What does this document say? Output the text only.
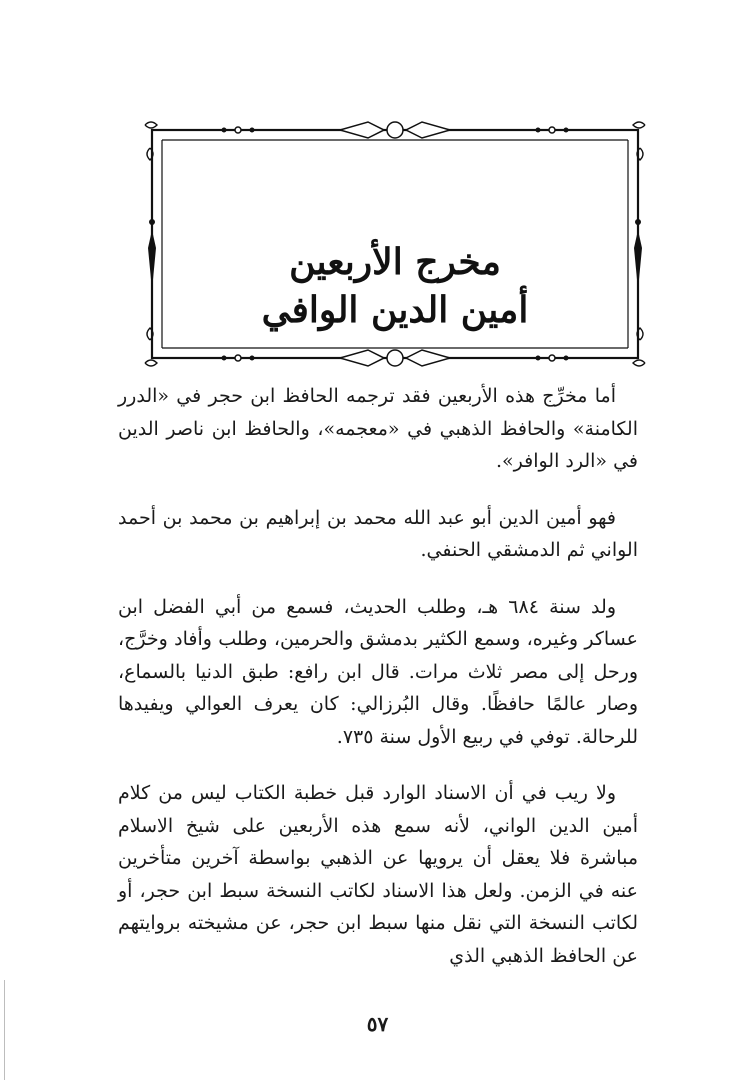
مخرج الأربعين
أمين الدين الوافي

أما مخرِّج هذه الأربعين فقد ترجمه الحافظ ابن حجر في «الدرر الكامنة» والحافظ الذهبي في «معجمه»، والحافظ ابن ناصر الدين في «الرد الوافر».

فهو أمين الدين أبو عبد الله محمد بن إبراهيم بن محمد بن أحمد الواني ثم الدمشقي الحنفي.

ولد سنة ٦٨٤ هـ، وطلب الحديث، فسمع من أبي الفضل ابن عساكر وغيره، وسمع الكثير بدمشق والحرمين، وطلب وأفاد وخرَّج، ورحل إلى مصر ثلاث مرات. قال ابن رافع: طبق الدنيا بالسماع، وصار عالمًا حافظًا. وقال البُرزالي: كان يعرف العوالي ويفيدها للرحالة. توفي في ربيع الأول سنة ٧٣٥.

ولا ريب في أن الاسناد الوارد قبل خطبة الكتاب ليس من كلام أمين الدين الواني، لأنه سمع هذه الأربعين على شيخ الاسلام مباشرة فلا يعقل أن يرويها عن الذهبي بواسطة آخرين متأخرين عنه في الزمن. ولعل هذا الاسناد لكاتب النسخة سبط ابن حجر، أو لكاتب النسخة التي نقل منها سبط ابن حجر، عن مشيخته بروايتهم عن الحافظ الذهبي الذي

٥٧
